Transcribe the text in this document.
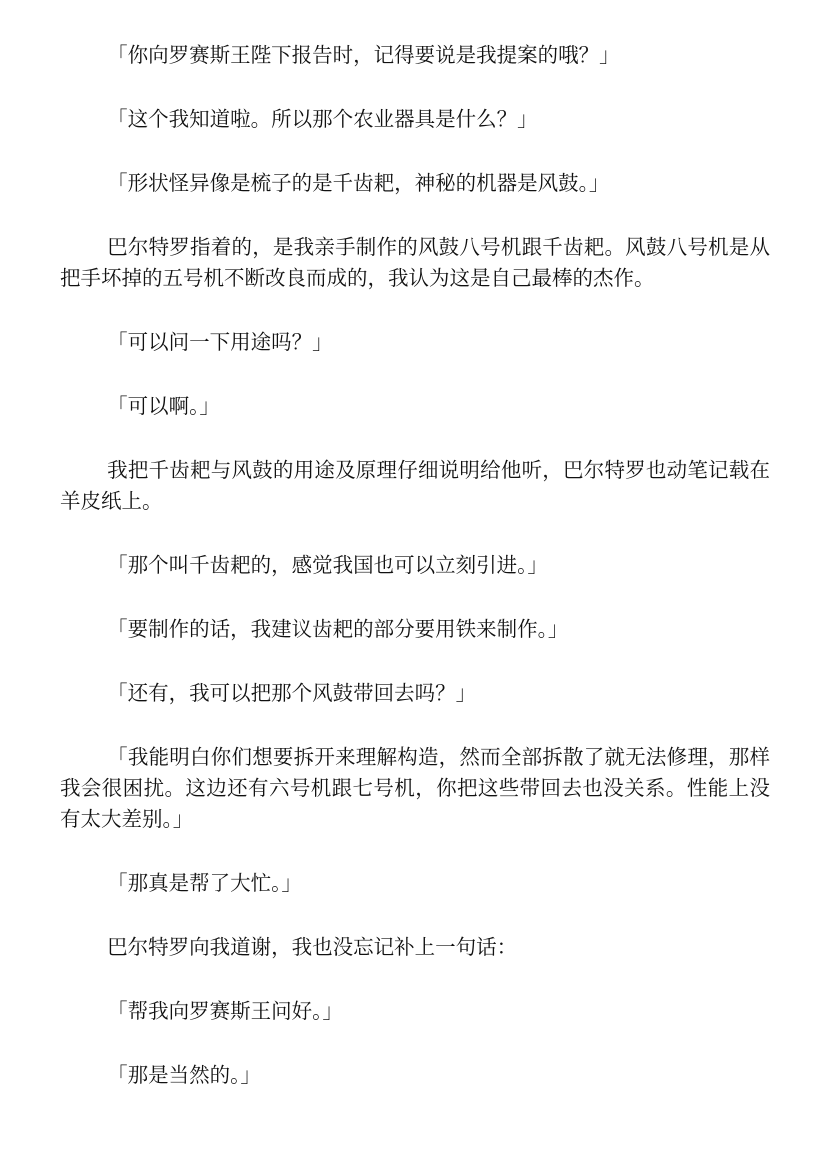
「你向罗赛斯王陛下报告时，记得要说是我提案的哦？」

「这个我知道啦。所以那个农业器具是什么？」

「形状怪异像是梳子的是千齿耙，神秘的机器是风鼓。」

巴尔特罗指着的，是我亲手制作的风鼓八号机跟千齿耙。风鼓八号机是从把手坏掉的五号机不断改良而成的，我认为这是自己最棒的杰作。

「可以问一下用途吗？」

「可以啊。」

我把千齿耙与风鼓的用途及原理仔细说明给他听，巴尔特罗也动笔记载在羊皮纸上。

「那个叫千齿耙的，感觉我国也可以立刻引进。」

「要制作的话，我建议齿耙的部分要用铁来制作。」

「还有，我可以把那个风鼓带回去吗？」

「我能明白你们想要拆开来理解构造，然而全部拆散了就无法修理，那样我会很困扰。这边还有六号机跟七号机，你把这些带回去也没关系。性能上没有太大差别。」

「那真是帮了大忙。」

巴尔特罗向我道谢，我也没忘记补上一句话：

「帮我向罗赛斯王问好。」

「那是当然的。」
